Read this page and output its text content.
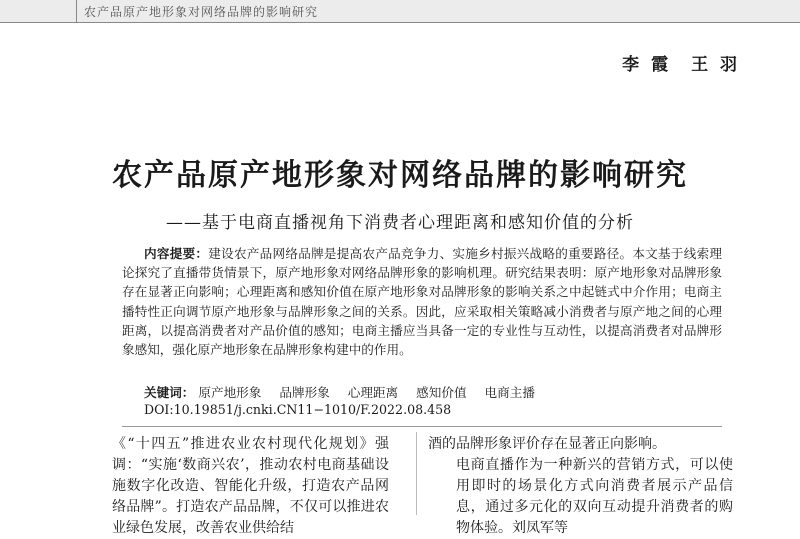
农产品原产地形象对网络品牌的影响研究
李 霞　王 羽
农产品原产地形象对网络品牌的影响研究
——基于电商直播视角下消费者心理距离和感知价值的分析
内容提要：建设农产品网络品牌是提高农产品竞争力、实施乡村振兴战略的重要路径。本文基于线索理论探究了直播带货情景下，原产地形象对网络品牌形象的影响机理。研究结果表明：原产地形象对品牌形象存在显著正向影响；心理距离和感知价值在原产地形象对品牌形象的影响关系之中起链式中介作用；电商主播特性正向调节原产地形象与品牌形象之间的关系。因此，应采取相关策略减小消费者与原产地之间的心理距离，以提高消费者对产品价值的感知；电商主播应当具备一定的专业性与互动性，以提高消费者对品牌形象感知，强化原产地形象在品牌形象构建中的作用。
关键词： 原产地形象 品牌形象 心理距离 感知价值 电商主播
DOI:10.19851/j.cnki.CN11−1010/F.2022.08.458

《“十四五”推进农业农村现代化规划》强调：“实施‘数商兴农’，推动农村电商基础设施数字化改造、智能化升级，打造农产品网络品牌”。打造农产品品牌，不仅可以推进农业绿色发展，改善农业供给结

酒的品牌形象评价存在显著正向影响。

电商直播作为一种新兴的营销方式，可以使用即时的场景化方式向消费者展示产品信息，通过多元化的双向互动提升消费者的购物体验。刘凤军等
